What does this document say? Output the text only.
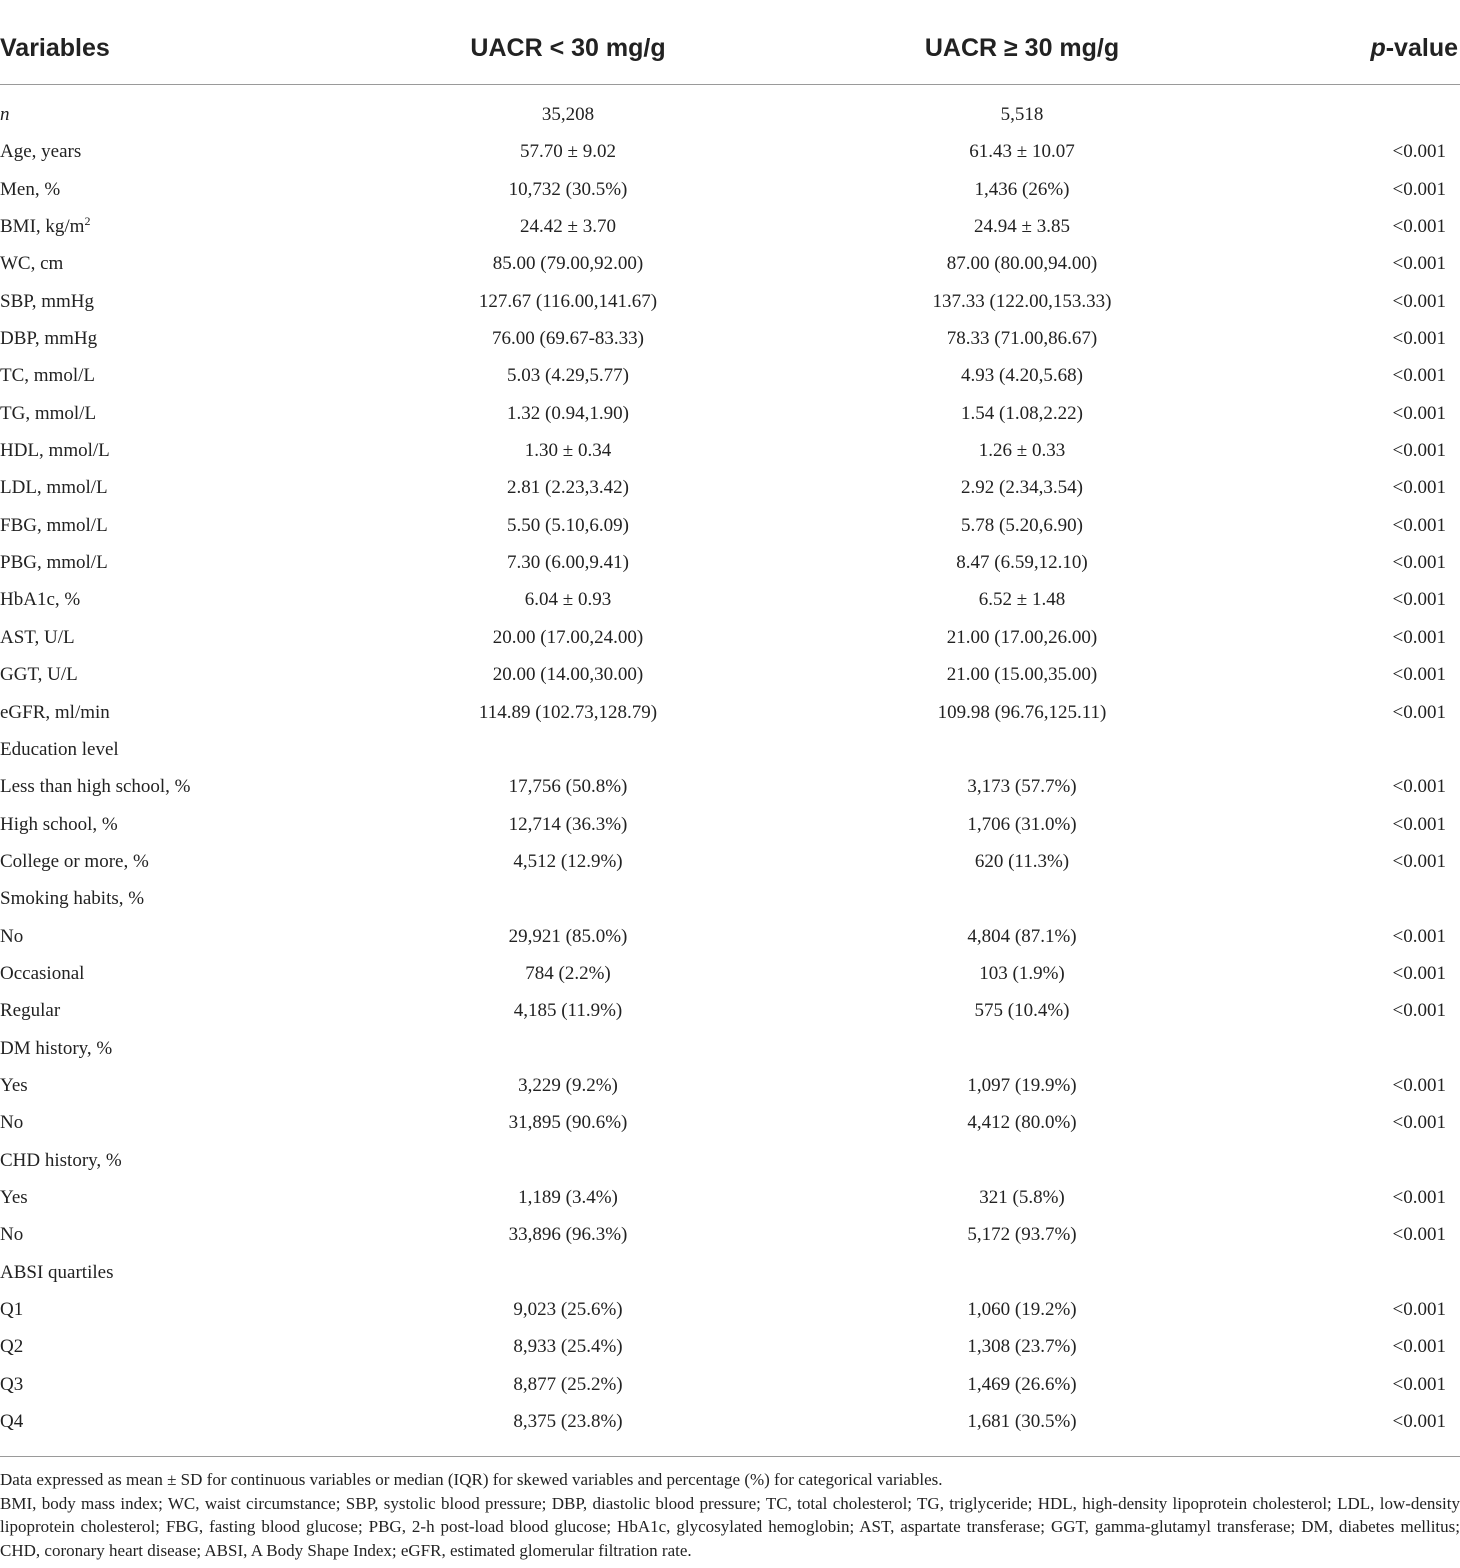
Variables	UACR < 30 mg/g	UACR ≥ 30 mg/g	p-value
n	35,208	5,518
Age, years	57.70 ± 9.02	61.43 ± 10.07	<0.001
Men, %	10,732 (30.5%)	1,436 (26%)	<0.001
BMI, $kg/m^2$	24.42 ± 3.70	24.94 ± 3.85	<0.001
WC, cm	85.00 (79.00,92.00)	87.00 (80.00,94.00)	<0.001
SBP, mmHg	127.67 (116.00,141.67)	137.33 (122.00,153.33)	<0.001
DBP, mmHg	76.00 (69.67-83.33)	78.33 (71.00,86.67)	<0.001
TC, mmol/L	5.03 (4.29,5.77)	4.93 (4.20,5.68)	<0.001
TG, mmol/L	1.32 (0.94,1.90)	1.54 (1.08,2.22)	<0.001
HDL, mmol/L	1.30 ± 0.34	1.26 ± 0.33	<0.001
LDL, mmol/L	2.81 (2.23,3.42)	2.92 (2.34,3.54)	<0.001
FBG, mmol/L	5.50 (5.10,6.09)	5.78 (5.20,6.90)	<0.001
PBG, mmol/L	7.30 (6.00,9.41)	8.47 (6.59,12.10)	<0.001
HbA1c, %	6.04 ± 0.93	6.52 ± 1.48	<0.001
AST, U/L	20.00 (17.00,24.00)	21.00 (17.00,26.00)	<0.001
GGT, U/L	20.00 (14.00,30.00)	21.00 (15.00,35.00)	<0.001
eGFR, ml/min	114.89 (102.73,128.79)	109.98 (96.76,125.11)	<0.001
Education level
Less than high school, %	17,756 (50.8%)	3,173 (57.7%)	<0.001
High school, %	12,714 (36.3%)	1,706 (31.0%)	<0.001
College or more, %	4,512 (12.9%)	620 (11.3%)	<0.001
Smoking habits, %
No	29,921 (85.0%)	4,804 (87.1%)	<0.001
Occasional	784 (2.2%)	103 (1.9%)	<0.001
Regular	4,185 (11.9%)	575 (10.4%)	<0.001
DM history, %
Yes	3,229 (9.2%)	1,097 (19.9%)	<0.001
No	31,895 (90.6%)	4,412 (80.0%)	<0.001
CHD history, %
Yes	1,189 (3.4%)	321 (5.8%)	<0.001
No	33,896 (96.3%)	5,172 (93.7%)	<0.001
ABSI quartiles
Q1	9,023 (25.6%)	1,060 (19.2%)	<0.001
Q2	8,933 (25.4%)	1,308 (23.7%)	<0.001
Q3	8,877 (25.2%)	1,469 (26.6%)	<0.001
Q4	8,375 (23.8%)	1,681 (30.5%)	<0.001

Data expressed as mean ± SD for continuous variables or median (IQR) for skewed variables and percentage (%) for categorical variables.

BMI, body mass index; WC, waist circumstance; SBP, systolic blood pressure; DBP, diastolic blood pressure; TC, total cholesterol; TG, triglyceride; HDL, high-density lipoprotein cholesterol; LDL, low-density lipoprotein cholesterol; FBG, fasting blood glucose; PBG, 2-h post-load blood glucose; HbA1c, glycosylated hemoglobin; AST, aspartate transferase; GGT, gamma-glutamyl transferase; DM, diabetes mellitus; CHD, coronary heart disease; ABSI, A Body Shape Index; eGFR, estimated glomerular filtration rate.
